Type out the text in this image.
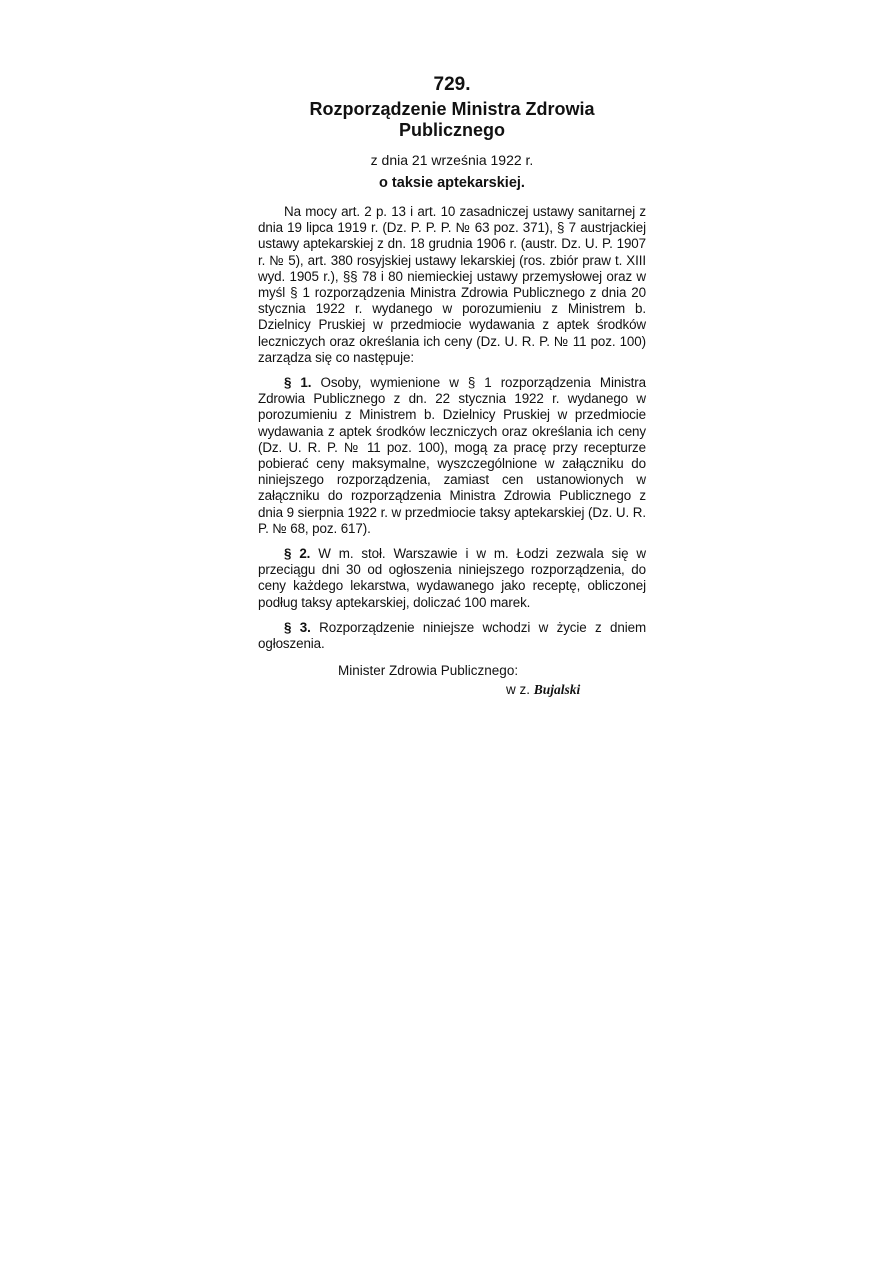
729.
Rozporządzenie Ministra Zdrowia Publicznego
z dnia 21 września 1922 r.
o taksie aptekarskiej.

Na mocy art. 2 p. 13 i art. 10 zasadniczej ustawy sanitarnej z dnia 19 lipca 1919 r. (Dz. P. P. P. № 63 poz. 371), § 7 austrjackiej ustawy aptekarskiej z dn. 18 grudnia 1906 r. (austr. Dz. U. P. 1907 r. № 5), art. 380 rosyjskiej ustawy lekarskiej (ros. zbiór praw t. XIII wyd. 1905 r.), §§ 78 i 80 niemieckiej ustawy przemysłowej oraz w myśl § 1 rozporządzenia Ministra Zdrowia Publicznego z dnia 20 stycznia 1922 r. wydanego w porozumieniu z Ministrem b. Dzielnicy Pruskiej w przedmiocie wydawania z aptek środków leczniczych oraz określania ich ceny (Dz. U. R. P. № 11 poz. 100) zarządza się co następuje:

§ 1. Osoby, wymienione w § 1 rozporządzenia Ministra Zdrowia Publicznego z dn. 22 stycznia 1922 r. wydanego w porozumieniu z Ministrem b. Dzielnicy Pruskiej w przedmiocie wydawania z aptek środków leczniczych oraz określania ich ceny (Dz. U. R. P. № 11 poz. 100), mogą za pracę przy recepturze pobierać ceny maksymalne, wyszczególnione w załączniku do niniejszego rozporządzenia, zamiast cen ustanowionych w załączniku do rozporządzenia Ministra Zdrowia Publicznego z dnia 9 sierpnia 1922 r. w przedmiocie taksy aptekarskiej (Dz. U. R. P. № 68, poz. 617).

§ 2. W m. stoł. Warszawie i w m. Łodzi zezwala się w przeciągu dni 30 od ogłoszenia niniejszego rozporządzenia, do ceny każdego lekarstwa, wydawanego jako receptę, obliczonej podług taksy aptekarskiej, doliczać 100 marek.

§ 3. Rozporządzenie niniejsze wchodzi w życie z dniem ogłoszenia.

Minister Zdrowia Publicznego:
w z. Bujalski
